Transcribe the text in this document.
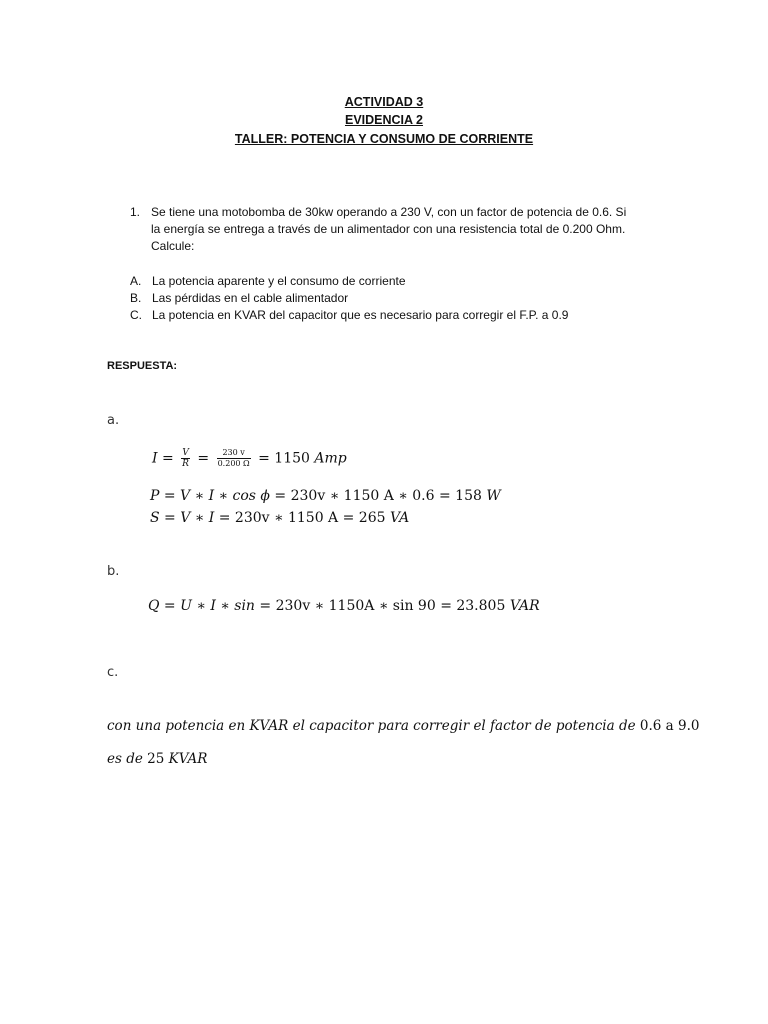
ACTIVIDAD 3
EVIDENCIA 2
TALLER: POTENCIA Y CONSUMO DE CORRIENTE
1. Se tiene una motobomba de 30kw operando a 230 V, con un factor de potencia de 0.6. Si
la energía se entrega a través de un alimentador con una resistencia total de 0.200 Ohm.
Calcule:
A. La potencia aparente y el consumo de corriente
B. Las pérdidas en el cable alimentador
C. La potencia en KVAR del capacitor que es necesario para corregir el F.P. a 0.9
RESPUESTA:
a.
$I = \frac{V}{R} = \frac{230 v}{0.200 \Omega} = 1150$ Amp
P = V ∗ I ∗ cos ϕ = 230v ∗ 1150 A ∗ 0.6 = 158 W
S = V ∗ I = 230v ∗ 1150 A = 265 VA
b.
Q = U ∗ I ∗ sin = 230v ∗ 1150A ∗ sin 90 = 23.805 VAR
c.
con una potencia en KVAR el capacitor para corregir el factor de potencia de 0.6 a 9.0
es de 25 KVAR
